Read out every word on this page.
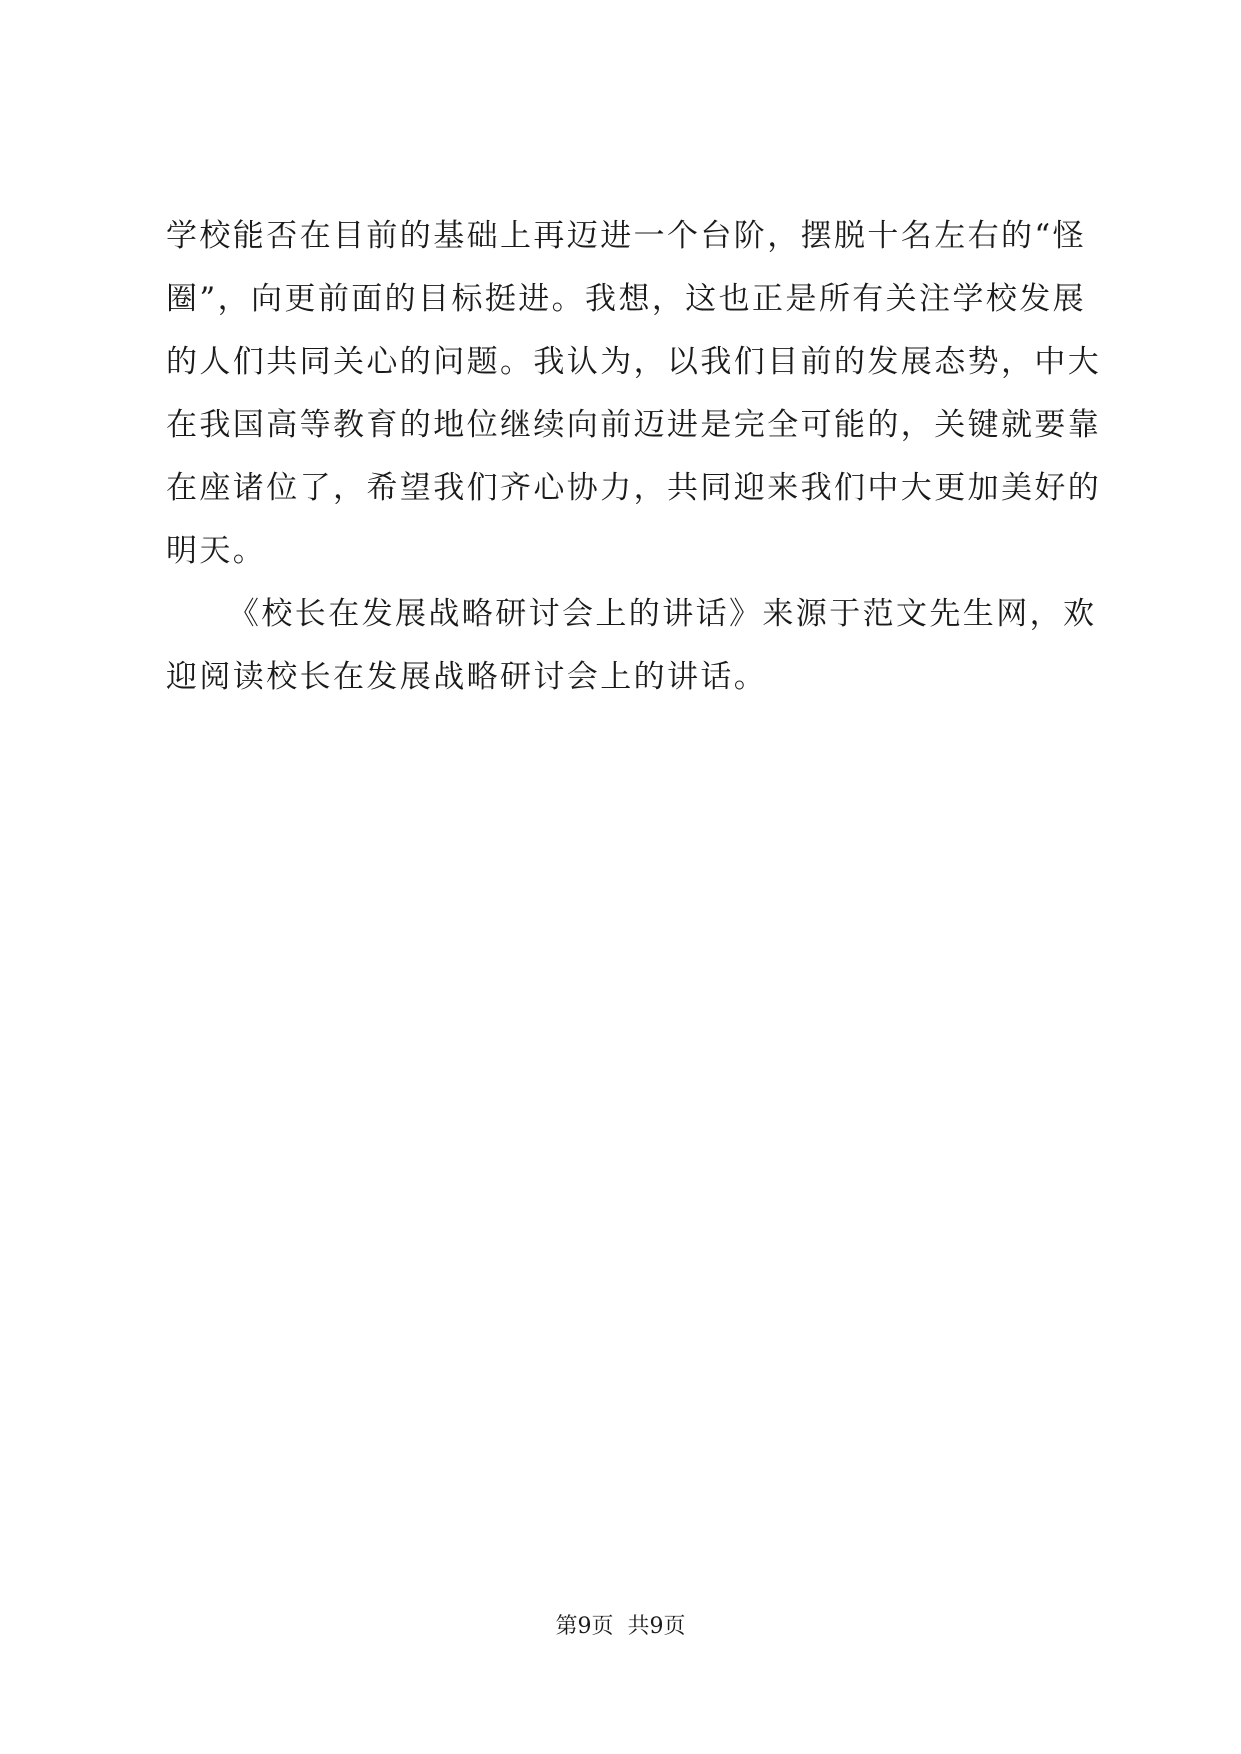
学校能否在目前的基础上再迈进一个台阶，摆脱十名左右的“怪
圈”，向更前面的目标挺进。我想，这也正是所有关注学校发展
的人们共同关心的问题。我认为，以我们目前的发展态势，中大
在我国高等教育的地位继续向前迈进是完全可能的，关键就要靠
在座诸位了，希望我们齐心协力，共同迎来我们中大更加美好的
明天。
《校长在发展战略研讨会上的讲话》来源于范文先生网，欢
迎阅读校长在发展战略研讨会上的讲话。
第9页 共9页
